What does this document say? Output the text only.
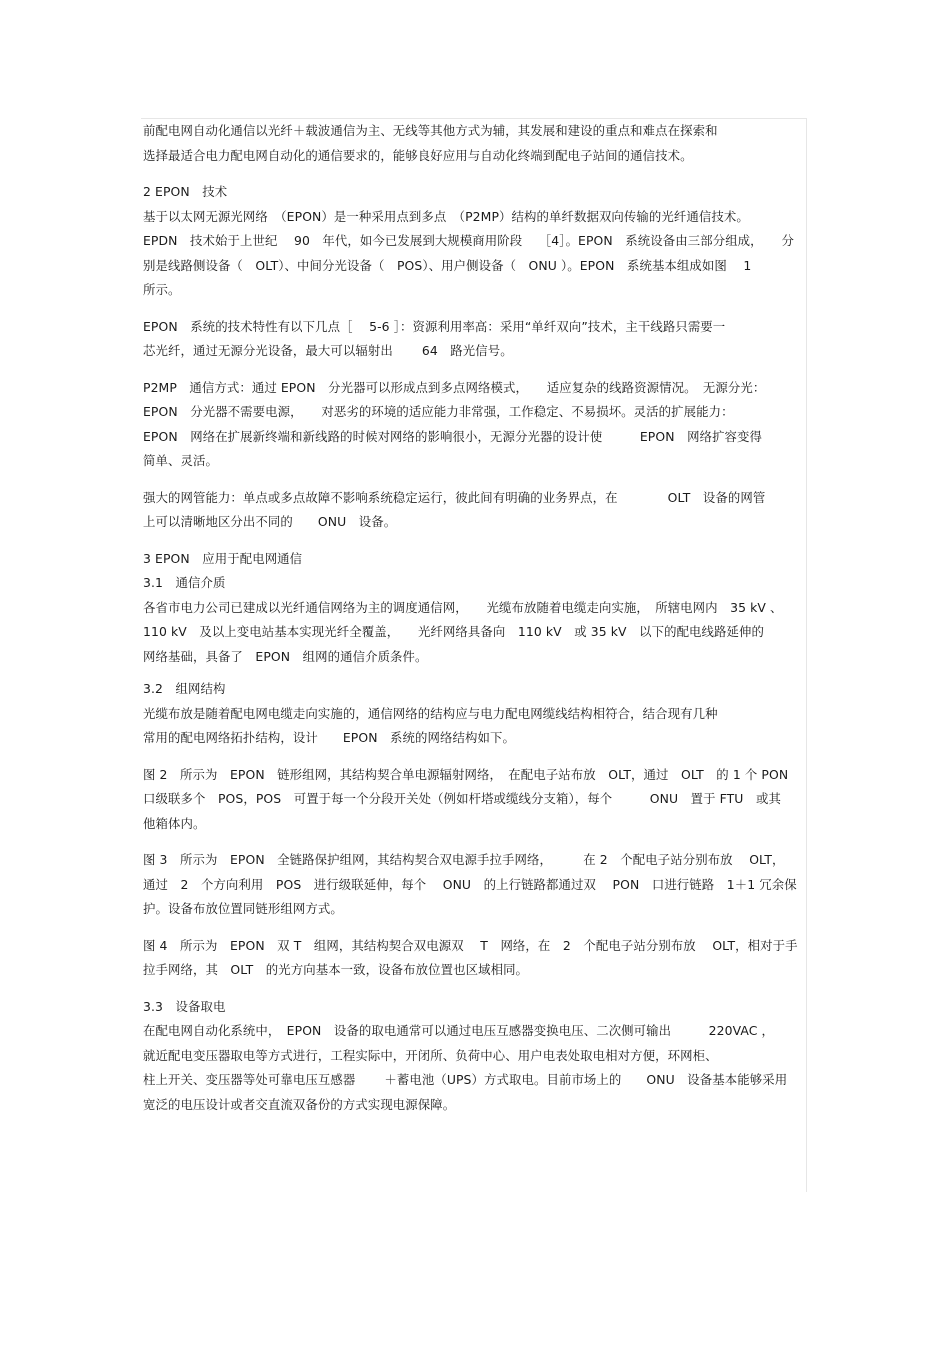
前配电网自动化通信以光纤＋载波通信为主、无线等其他方式为辅，其发展和建设的重点和难点在探索和
选择最适合电力配电网自动化的通信要求的，能够良好应用与自动化终端到配电子站间的通信技术。
2 EPON　技术
基于以太网无源光网络　（EPON）是一种采用点到多点　（P2MP）结构的单纤数据双向传输的光纤通信技术。
EPDN　技术始于上世纪　 90　年代，如今已发展到大规模商用阶段　 ［4］。EPON　系统设备由三部分组成，　　分
别是线路侧设备（　OLT）、中间分光设备（　POS）、用户侧设备（　ONU ）。EPON　系统基本组成如图　 1
所示。
EPON　系统的技术特性有以下几点［　 5-6 ］：资源利用率高：采用“单纤双向”技术，主干线路只需要一
芯光纤，通过无源分光设备，最大可以辐射出　　 64　路光信号。
P2MP　通信方式：通过 EPON　分光器可以形成点到多点网络模式，　　适应复杂的线路资源情况。　无源分光：
EPON　分光器不需要电源，　　对恶劣的环境的适应能力非常强，工作稳定、不易损坏。灵活的扩展能力：
EPON　网络在扩展新终端和新线路的时候对网络的影响很小，无源分光器的设计使　　　EPON　网络扩容变得
简单、灵活。
强大的网管能力：单点或多点故障不影响系统稳定运行，彼此间有明确的业务界点，在　　　　OLT　设备的网管
上可以清晰地区分出不同的　　ONU　设备。
3 EPON　应用于配电网通信
3.1　通信介质
各省市电力公司已建成以光纤通信网络为主的调度通信网，　　光缆布放随着电缆走向实施，　所辖电网内　35 kV 、
110 kV　及以上变电站基本实现光纤全覆盖，　　光纤网络具备向　110 kV　或 35 kV　以下的配电线路延伸的
网络基础，具备了　EPON　组网的通信介质条件。
3.2　组网结构
光缆布放是随着配电网电缆走向实施的，通信网络的结构应与电力配电网缆线结构相符合，结合现有几种
常用的配电网络拓扑结构，设计　　EPON　系统的网络结构如下。
图 2　所示为　EPON　链形组网，其结构契合单电源辐射网络，　在配电子站布放　OLT，通过　OLT　的 1 个 PON
口级联多个　POS，POS　可置于每一个分段开关处（例如杆塔或缆线分支箱），每个　　　ONU　置于 FTU　或其
他箱体内。
图 3　所示为　EPON　全链路保护组网，其结构契合双电源手拉手网络，　　　在 2　个配电子站分别布放　 OLT，
通过　2　个方向利用　POS　进行级联延伸，每个　 ONU　的上行链路都通过双　 PON　口进行链路　1＋1 冗余保
护。设备布放位置同链形组网方式。
图 4　所示为　EPON　双 T　组网，其结构契合双电源双　 T　网络，在　2　个配电子站分别布放　 OLT，相对于手
拉手网络，其　OLT　的光方向基本一致，设备布放位置也区域相同。
3.3　设备取电
在配电网自动化系统中，　EPON　设备的取电通常可以通过电压互感器变换电压、二次侧可输出　　　220VAC ，
就近配电变压器取电等方式进行，工程实际中，开闭所、负荷中心、用户电表处取电相对方便，环网柜、
柱上开关、变压器等处可靠电压互感器　　 ＋蓄电池（UPS）方式取电。目前市场上的　　ONU　设备基本能够采用
宽泛的电压设计或者交直流双备份的方式实现电源保障。
